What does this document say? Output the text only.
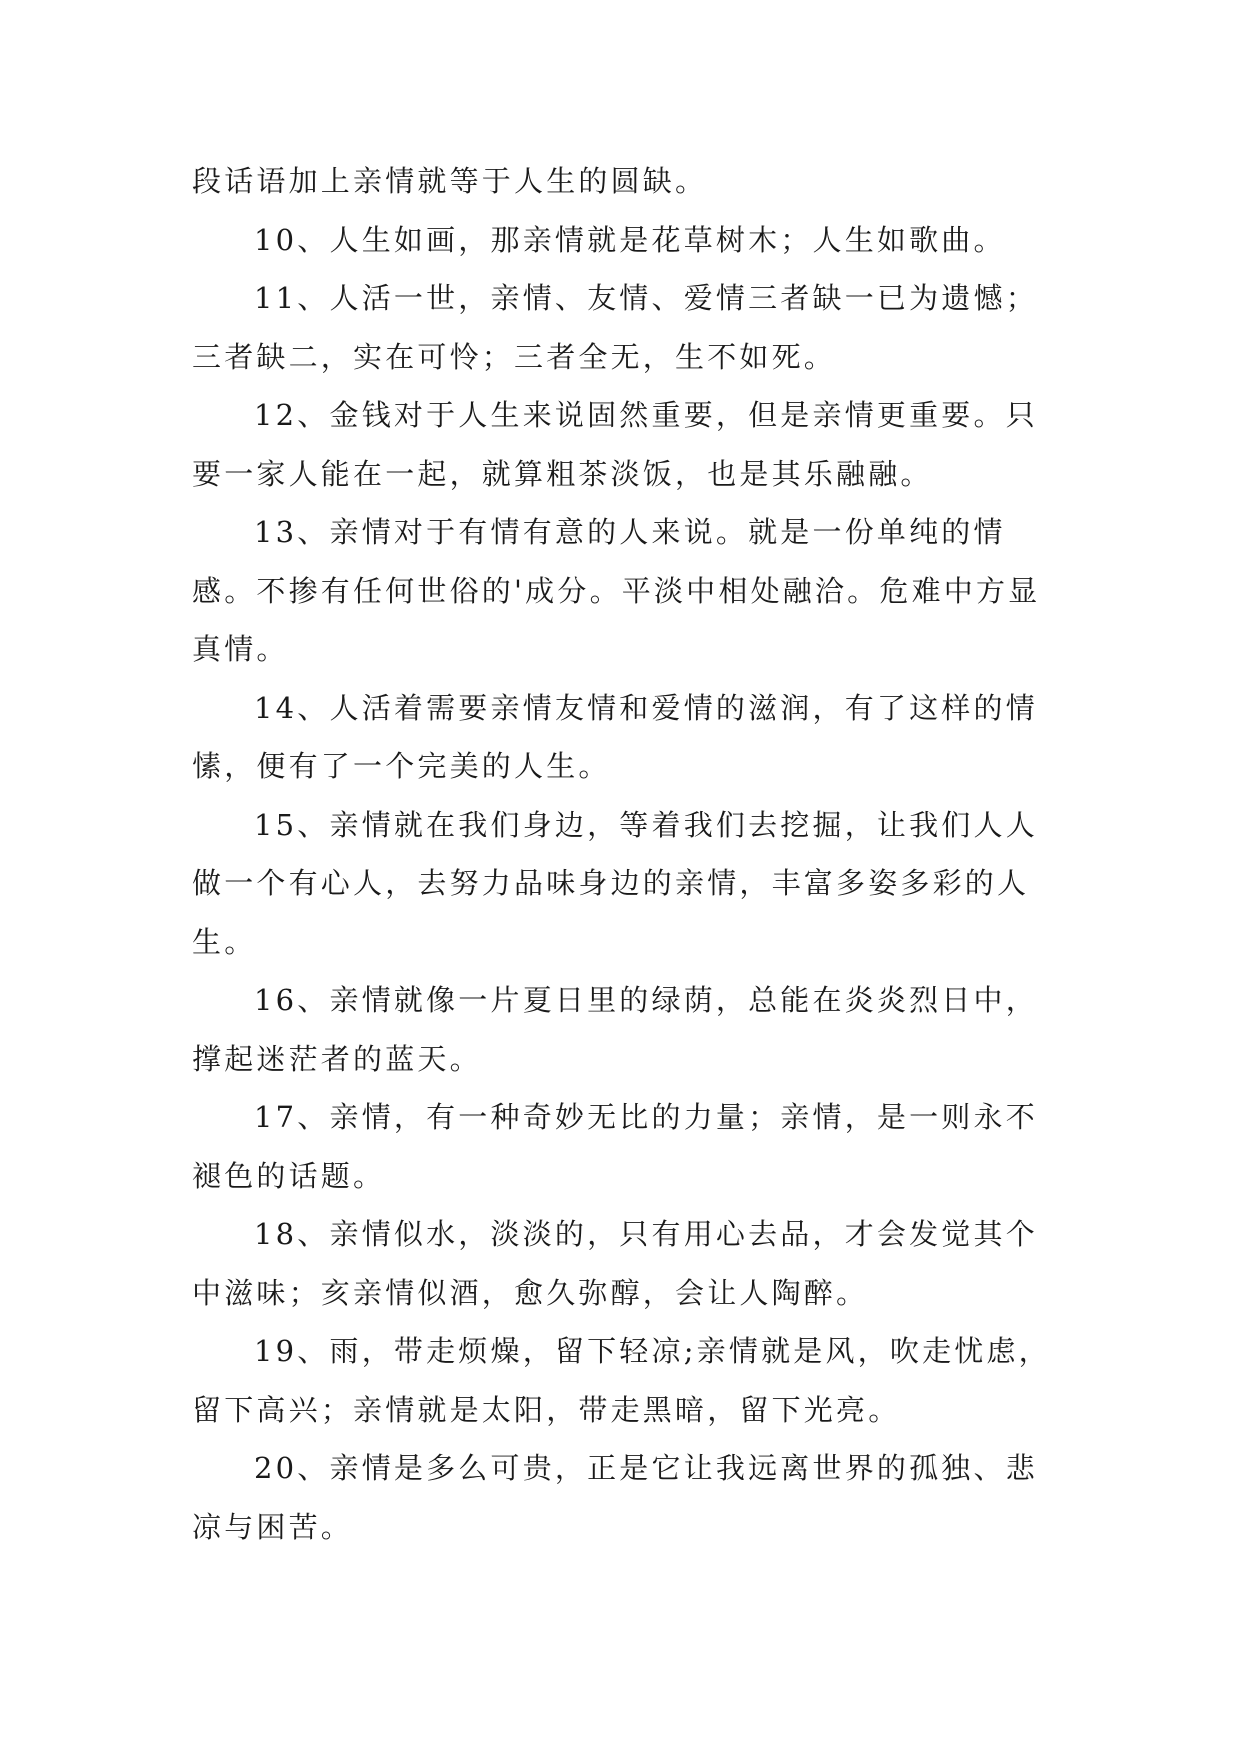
段话语加上亲情就等于人生的圆缺。

10、人生如画，那亲情就是花草树木；人生如歌曲。

11、人活一世，亲情、友情、爱情三者缺一已为遗憾；三者缺二，实在可怜；三者全无，生不如死。

12、金钱对于人生来说固然重要，但是亲情更重要。只要一家人能在一起，就算粗茶淡饭，也是其乐融融。

13、亲情对于有情有意的人来说。就是一份单纯的情感。不掺有任何世俗的'成分。平淡中相处融洽。危难中方显真情。

14、人活着需要亲情友情和爱情的滋润，有了这样的情愫，便有了一个完美的人生。

15、亲情就在我们身边，等着我们去挖掘，让我们人人做一个有心人，去努力品味身边的亲情，丰富多姿多彩的人生。

16、亲情就像一片夏日里的绿荫，总能在炎炎烈日中，撑起迷茫者的蓝天。

17、亲情，有一种奇妙无比的力量；亲情，是一则永不褪色的话题。

18、亲情似水，淡淡的，只有用心去品，才会发觉其个中滋味；亥亲情似酒，愈久弥醇，会让人陶醉。

19、雨，带走烦燥，留下轻凉;亲情就是风，吹走忧虑，留下高兴；亲情就是太阳，带走黑暗，留下光亮。

20、亲情是多么可贵，正是它让我远离世界的孤独、悲凉与困苦。
